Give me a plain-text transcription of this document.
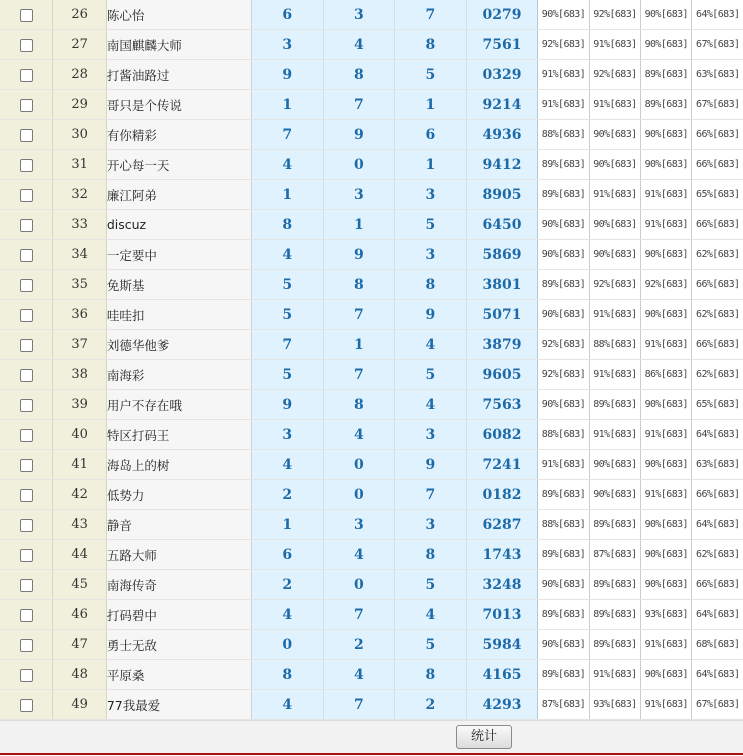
	26	陈心怡	6	3	7	0279	90%[683]	92%[683]	90%[683]	64%[683]
	27	南国麒麟大师	3	4	8	7561	92%[683]	91%[683]	90%[683]	67%[683]
	28	打酱油路过	9	8	5	0329	91%[683]	92%[683]	89%[683]	63%[683]
	29	哥只是个传说	1	7	1	9214	91%[683]	91%[683]	89%[683]	67%[683]
	30	有你精彩	7	9	6	4936	88%[683]	90%[683]	90%[683]	66%[683]
	31	开心每一天	4	0	1	9412	89%[683]	90%[683]	90%[683]	66%[683]
	32	廉江阿弟	1	3	3	8905	89%[683]	91%[683]	91%[683]	65%[683]
	33	discuz	8	1	5	6450	90%[683]	90%[683]	91%[683]	66%[683]
	34	一定要中	4	9	3	5869	90%[683]	90%[683]	90%[683]	62%[683]
	35	免斯基	5	8	8	3801	89%[683]	92%[683]	92%[683]	66%[683]
	36	哇哇扣	5	7	9	5071	90%[683]	91%[683]	90%[683]	62%[683]
	37	刘德华他爹	7	1	4	3879	92%[683]	88%[683]	91%[683]	66%[683]
	38	南海彩	5	7	5	9605	92%[683]	91%[683]	86%[683]	62%[683]
	39	用户不存在哦	9	8	4	7563	90%[683]	89%[683]	90%[683]	65%[683]
	40	特区打码王	3	4	3	6082	88%[683]	91%[683]	91%[683]	64%[683]
	41	海岛上的树	4	0	9	7241	91%[683]	90%[683]	90%[683]	63%[683]
	42	低势力	2	0	7	0182	89%[683]	90%[683]	91%[683]	66%[683]
	43	静音	1	3	3	6287	88%[683]	89%[683]	90%[683]	64%[683]
	44	五路大师	6	4	8	1743	89%[683]	87%[683]	90%[683]	62%[683]
	45	南海传奇	2	0	5	3248	90%[683]	89%[683]	90%[683]	66%[683]
	46	打码碧中	4	7	4	7013	89%[683]	89%[683]	93%[683]	64%[683]
	47	勇士无敌	0	2	5	5984	90%[683]	89%[683]	91%[683]	68%[683]
	48	平原桑	8	4	8	4165	89%[683]	91%[683]	90%[683]	64%[683]
	49	77我最爱	4	7	2	4293	87%[683]	93%[683]	91%[683]	67%[683]
统计
